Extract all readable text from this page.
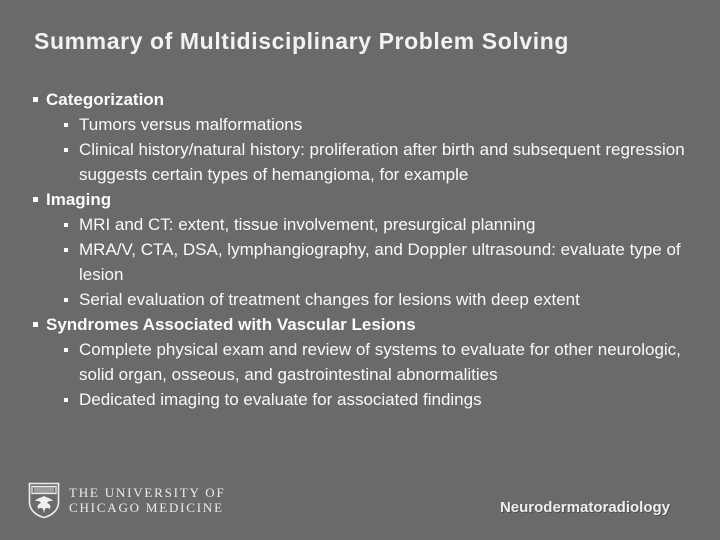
Summary of Multidisciplinary Problem Solving
Categorization
Tumors versus malformations
Clinical history/natural history: proliferation after birth and subsequent regression suggests certain types of hemangioma, for example
Imaging
MRI and CT: extent, tissue involvement, presurgical planning
MRA/V, CTA, DSA, lymphangiography, and Doppler ultrasound: evaluate type of lesion
Serial evaluation of treatment changes for lesions with deep extent
Syndromes Associated with Vascular Lesions
Complete physical exam and review of systems to evaluate for other neurologic, solid organ, osseous, and gastrointestinal abnormalities
Dedicated imaging to evaluate for associated findings
THE UNIVERSITY OF
CHICAGO MEDICINE	Neurodermatoradiology
